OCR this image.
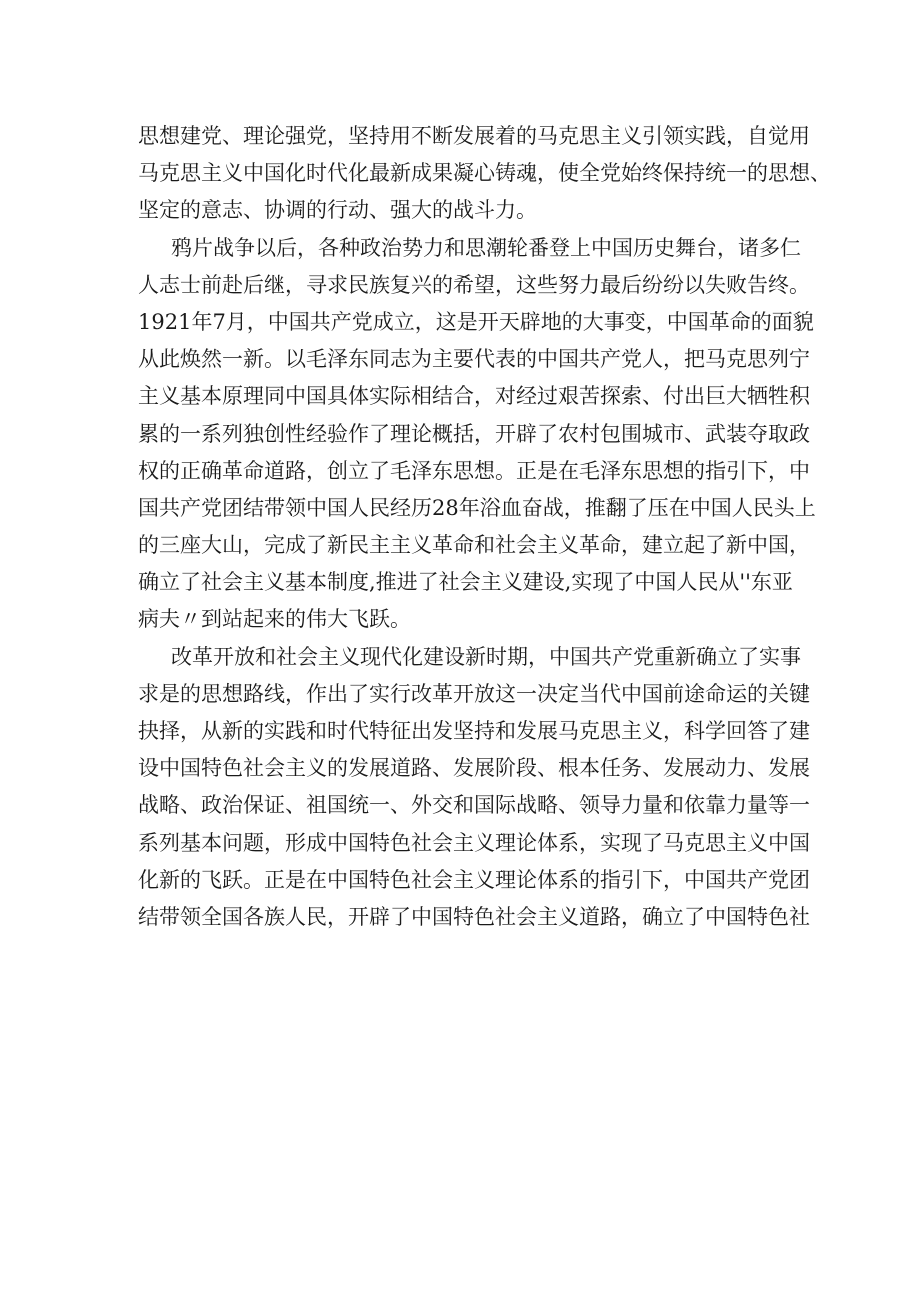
思想建党、理论强党，坚持用不断发展着的马克思主义引领实践，自觉用
马克思主义中国化时代化最新成果凝心铸魂，使全党始终保持统一的思想、
坚定的意志、协调的行动、强大的战斗力。
鸦片战争以后，各种政治势力和思潮轮番登上中国历史舞台，诸多仁
人志士前赴后继，寻求民族复兴的希望，这些努力最后纷纷以失败告终。
1921年7月，中国共产党成立，这是开天辟地的大事变，中国革命的面貌
从此焕然一新。以毛泽东同志为主要代表的中国共产党人，把马克思列宁
主义基本原理同中国具体实际相结合，对经过艰苦探索、付出巨大牺牲积
累的一系列独创性经验作了理论概括，开辟了农村包围城市、武装夺取政
权的正确革命道路，创立了毛泽东思想。正是在毛泽东思想的指引下，中
国共产党团结带领中国人民经历28年浴血奋战，推翻了压在中国人民头上
的三座大山，完成了新民主主义革命和社会主义革命，建立起了新中国，
确立了社会主义基本制度,推进了社会主义建设,实现了中国人民从''东亚
病夫〃到站起来的伟大飞跃。
改革开放和社会主义现代化建设新时期，中国共产党重新确立了实事
求是的思想路线，作出了实行改革开放这一决定当代中国前途命运的关键
抉择，从新的实践和时代特征出发坚持和发展马克思主义，科学回答了建
设中国特色社会主义的发展道路、发展阶段、根本任务、发展动力、发展
战略、政治保证、祖国统一、外交和国际战略、领导力量和依靠力量等一
系列基本问题，形成中国特色社会主义理论体系，实现了马克思主义中国
化新的飞跃。正是在中国特色社会主义理论体系的指引下，中国共产党团
结带领全国各族人民，开辟了中国特色社会主义道路，确立了中国特色社
